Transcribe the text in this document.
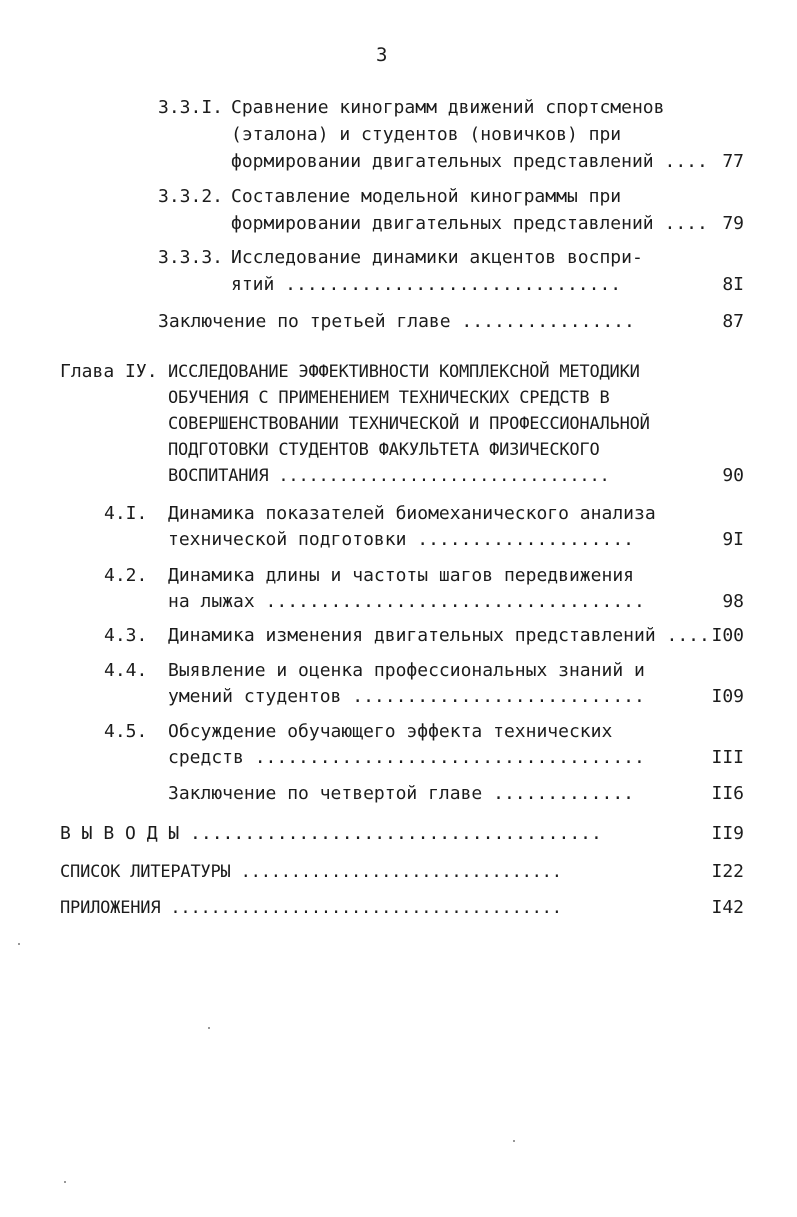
3
3.3.I. Сравнение кинограмм движений спортсменов
(эталона) и студентов (новичков) при
формировании двигательных представлений .... 77
3.3.2. Составление модельной кинограммы при
формировании двигательных представлений .... 79
3.3.3. Исследование динамики акцентов воспри-
ятий ...............................	8I
Заключение по третьей главе ................	87
Глава IУ. ИССЛЕДОВАНИЕ ЭФФЕКТИВНОСТИ КОМПЛЕКСНОЙ МЕТОДИКИ
ОБУЧЕНИЯ С ПРИМЕНЕНИЕМ ТЕХНИЧЕСКИХ СРЕДСТВ В
СОВЕРШЕНСТВОВАНИИ ТЕХНИЧЕСКОЙ И ПРОФЕССИОНАЛЬНОЙ
ПОДГОТОВКИ СТУДЕНТОВ ФАКУЛЬТЕТА ФИЗИЧЕСКОГО
ВОСПИТАНИЯ .................................	90
4.I. Динамика показателей биомеханического анализа
технической подготовки ....................	9I
4.2. Динамика длины и частоты шагов передвижения
на лыжах ...................................	98
4.3. Динамика изменения двигательных представлений .... I00
4.4. Выявление и оценка профессиональных знаний и
умений студентов ...........................	I09
4.5. Обсуждение обучающего эффекта технических
средств ....................................	III
Заключение по четвертой главе .............	II6
В Ы В О Д Ы ......................................	II9
СПИСОК ЛИТЕРАТУРЫ ................................	I22
ПРИЛОЖЕНИЯ .......................................	I42
